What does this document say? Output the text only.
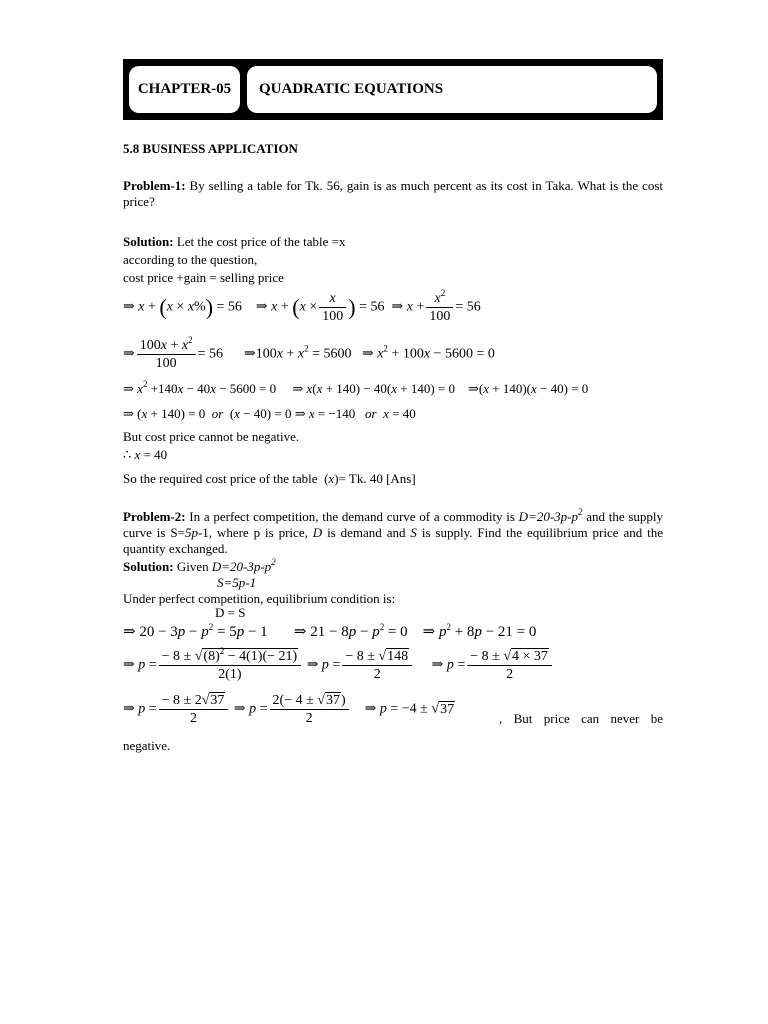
CHAPTER-05	QUADRATIC EQUATIONS
5.8 BUSINESS APPLICATION
Problem-1: By selling a table for Tk. 56, gain is as much percent as its cost in Taka. What is the cost price?
Solution: Let the cost price of the table =x
according to the question,
cost price +gain = selling price
⇒ x + (x × x%) = 56    ⇒ $x + (x \times \frac{x}{100}$ ) = 56  ⇒ $x + \frac{x^2}{100} = 56$
⇒ $\frac{100x + x^2}{100} = 56$      ⇒100x + $x^2 = 5600$   ⇒ $x^2 + 100x - 5600 = 0$
⇒ $x^2 +140x - 40x - 5600 = 0$     ⇒ x(x + 140) − 40(x + 140) = 0    ⇒(x + 140)(x − 40) = 0
⇒ (x + 140) = 0  or  (x − 40) = 0 ⇒ x = −140   or x = 40
But cost price cannot be negative.
∴ x = 40
So the required cost price of the table  (x)= Tk. 40 [Ans]
Problem-2: In a perfect competition, the demand curve of a commodity is $D=20-3p-p^2$ and the supply curve is S=5p-1, where p is price, D is demand and S is supply. Find the equilibrium price and the quantity exchanged.
Solution: Given $D=20-3p-p^2$
S=5p-1
Under perfect competition, equilibrium condition is:
D = S
⇒ $20 - 3p - p^2 = 5p - 1$       ⇒ $21 - 8p - p^2 = 0$    ⇒ $p^2 + 8p - 21 = 0$
⇒ $p = \frac{- 8 \pm √(8)^2 - 4(1)(- 21)}{2(1)}$ ⇒ $p = \frac{- 8 \pm √148}{2}$ ⇒ $p = \frac{- 8 \pm √4 \times 37}{2}$
⇒ $p = \frac{- 8 \pm 2√37}{2}$ ⇒ $p = \frac{2(- 4 \pm √37)}{2}$ ⇒ p = −4 ± √37
, But price can never be negative.
